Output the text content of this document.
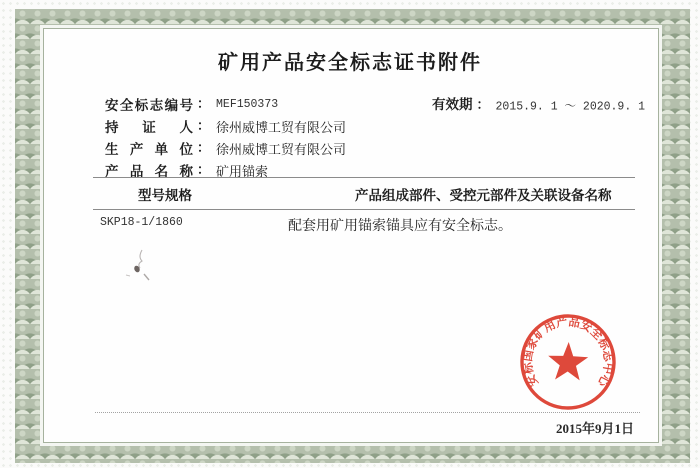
矿用产品安全标志证书附件
安全标志编号 ： MEF150373
持证人 ： 徐州威博工贸有限公司
生产单位 ： 徐州威博工贸有限公司
产品名称 ： 矿用锚索
有效期 ： 2015.9. 1 ～ 2020.9. 1
型号规格	产品组成部件、受控元部件及关联设备名称
SKP18-1/1860	配套用矿用锚索锚具应有安全标志。
安标国家矿用产品安全标志中心
2015年9月1日
